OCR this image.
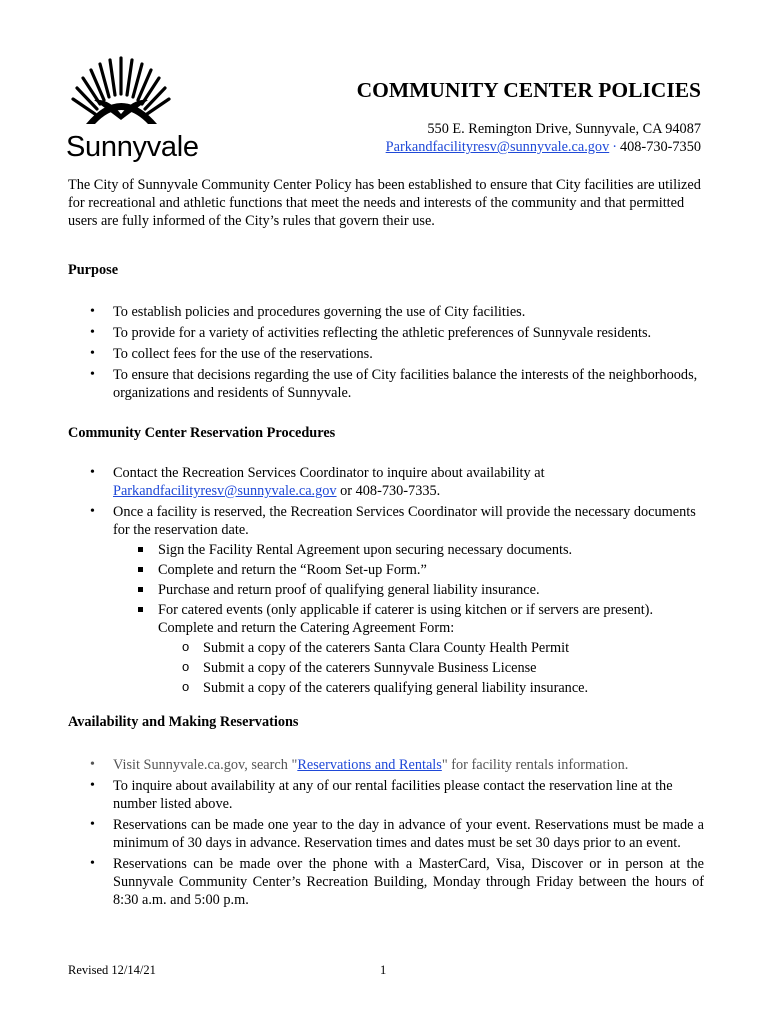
Sunnyvale
COMMUNITY CENTER POLICIES
550 E. Remington Drive, Sunnyvale, CA 94087
Parkandfacilityresv@sunnyvale.ca.gov · 408-730-7350
The City of Sunnyvale Community Center Policy has been established to ensure that City facilities are utilized for recreational and athletic functions that meet the needs and interests of the community and that permitted users are fully informed of the City’s rules that govern their use.
Purpose
• To establish policies and procedures governing the use of City facilities.
• To provide for a variety of activities reflecting the athletic preferences of Sunnyvale residents.
• To collect fees for the use of the reservations.
• To ensure that decisions regarding the use of City facilities balance the interests of the neighborhoods, organizations and residents of Sunnyvale.
Community Center Reservation Procedures
• Contact the Recreation Services Coordinator to inquire about availability at
Parkandfacilityresv@sunnyvale.ca.gov or 408-730-7335.
• Once a facility is reserved, the Recreation Services Coordinator will provide the necessary documents for the reservation date.
Sign the Facility Rental Agreement upon securing necessary documents.
Complete and return the “Room Set-up Form.”
Purchase and return proof of qualifying general liability insurance.
For catered events (only applicable if caterer is using kitchen or if servers are present). Complete and return the Catering Agreement Form:
o Submit a copy of the caterers Santa Clara County Health Permit
o Submit a copy of the caterers Sunnyvale Business License
o Submit a copy of the caterers qualifying general liability insurance.
Availability and Making Reservations
• Visit Sunnyvale.ca.gov, search "Reservations and Rentals" for facility rentals information.
• To inquire about availability at any of our rental facilities please contact the reservation line at the number listed above.
• Reservations can be made one year to the day in advance of your event. Reservations must be made a minimum of 30 days in advance. Reservation times and dates must be set 30 days prior to an event.
• Reservations can be made over the phone with a MasterCard, Visa, Discover or in person at the Sunnyvale Community Center’s Recreation Building, Monday through Friday between the hours of 8:30 a.m. and 5:00 p.m.
Revised 12/14/21	1
